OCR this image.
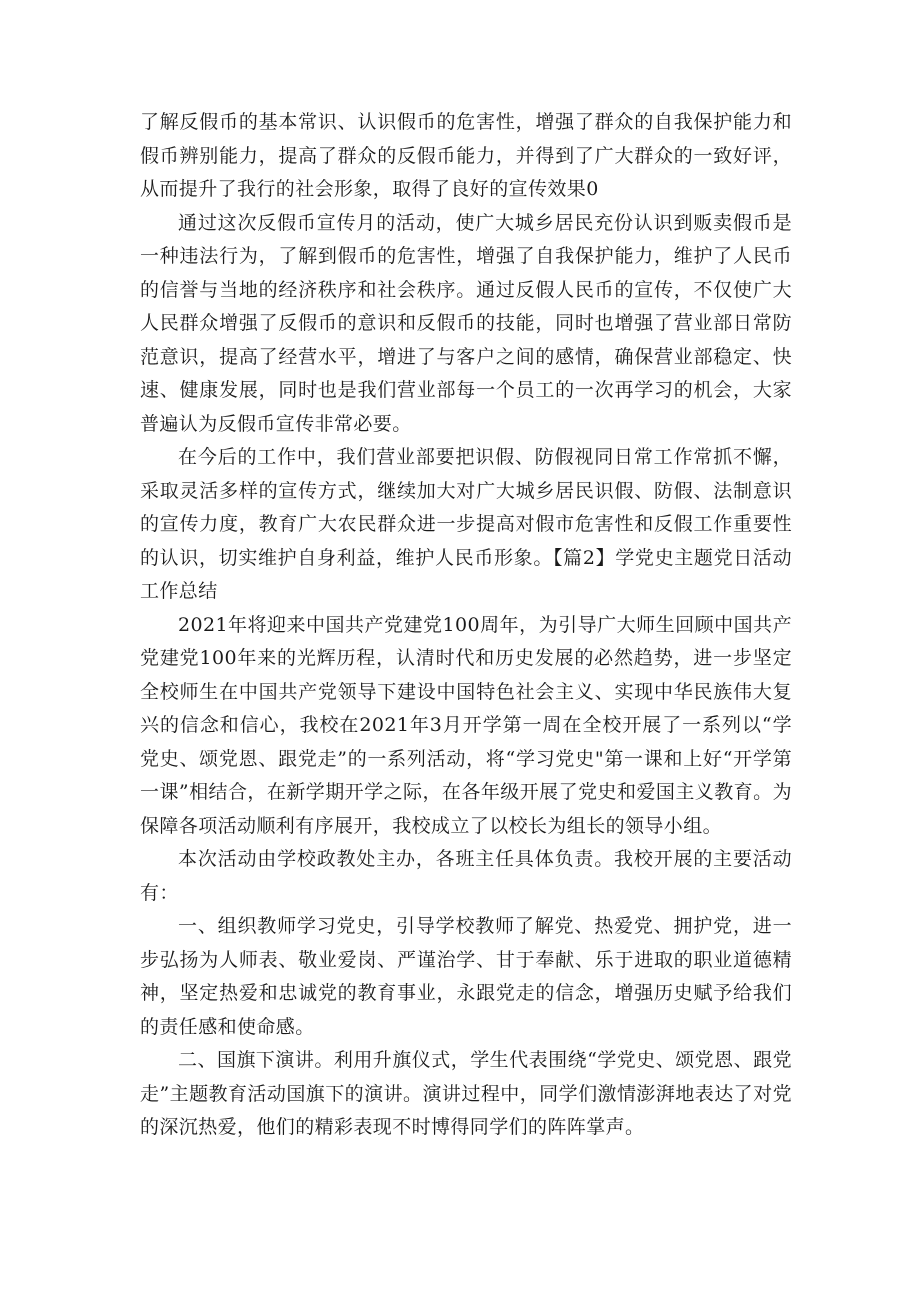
了解反假币的基本常识、认识假币的危害性，增强了群众的自我保护能力和假币辨别能力，提高了群众的反假币能力，并得到了广大群众的一致好评，从而提升了我行的社会形象，取得了良好的宣传效果0

通过这次反假币宣传月的活动，使广大城乡居民充份认识到贩卖假币是一种违法行为，了解到假币的危害性，增强了自我保护能力，维护了人民币的信誉与当地的经济秩序和社会秩序。通过反假人民币的宣传，不仅使广大人民群众增强了反假币的意识和反假币的技能，同时也增强了营业部日常防范意识，提高了经营水平，增进了与客户之间的感情，确保营业部稳定、快速、健康发展，同时也是我们营业部每一个员工的一次再学习的机会，大家普遍认为反假币宣传非常必要。

在今后的工作中，我们营业部要把识假、防假视同日常工作常抓不懈，采取灵活多样的宣传方式，继续加大对广大城乡居民识假、防假、法制意识的宣传力度，教育广大农民群众进一步提高对假市危害性和反假工作重要性的认识，切实维护自身利益，维护人民币形象。【篇2】学党史主题党日活动工作总结

2021年将迎来中国共产党建党100周年，为引导广大师生回顾中国共产党建党100年来的光辉历程，认清时代和历史发展的必然趋势，进一步坚定全校师生在中国共产党领导下建设中国特色社会主义、实现中华民族伟大复兴的信念和信心，我校在2021年3月开学第一周在全校开展了一系列以“学党史、颂党恩、跟党走”的一系列活动，将“学习党史"第一课和上好“开学第一课”相结合，在新学期开学之际，在各年级开展了党史和爱国主义教育。为保障各项活动顺利有序展开，我校成立了以校长为组长的领导小组。

本次活动由学校政教处主办，各班主任具体负责。我校开展的主要活动有：

一、组织教师学习党史，引导学校教师了解党、热爱党、拥护党，进一步弘扬为人师表、敬业爱岗、严谨治学、甘于奉献、乐于进取的职业道德精神，坚定热爱和忠诚党的教育事业，永跟党走的信念，增强历史赋予给我们的责任感和使命感。

二、国旗下演讲。利用升旗仪式，学生代表围绕“学党史、颂党恩、跟党走”主题教育活动国旗下的演讲。演讲过程中，同学们激情澎湃地表达了对党的深沉热爱，他们的精彩表现不时博得同学们的阵阵掌声。
